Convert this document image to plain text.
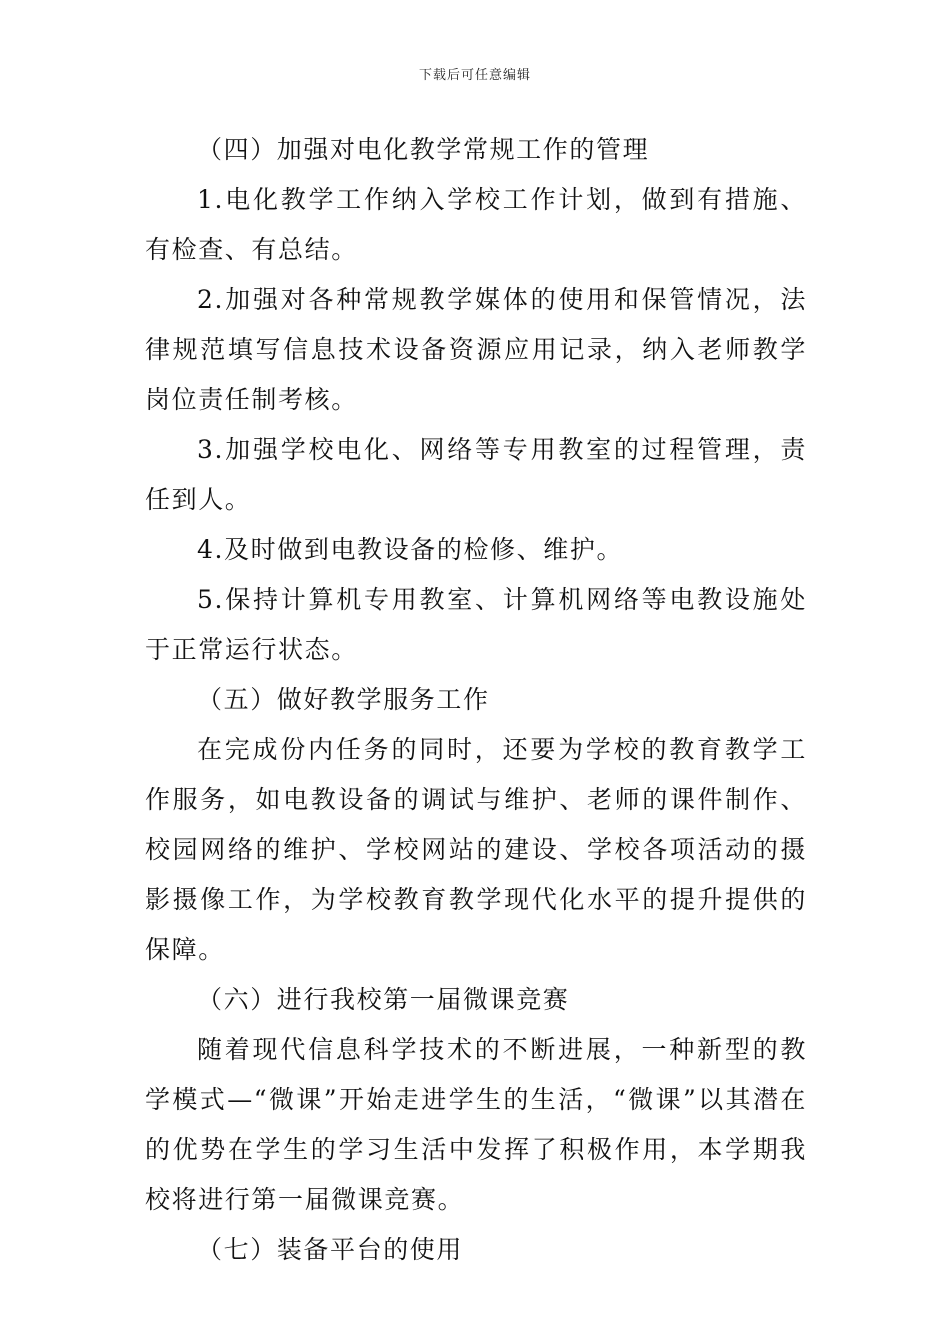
下载后可任意编辑

（四）加强对电化教学常规工作的管理

1.电化教学工作纳入学校工作计划，做到有措施、有检查、有总结。

2.加强对各种常规教学媒体的使用和保管情况，法律规范填写信息技术设备资源应用记录，纳入老师教学岗位责任制考核。

3.加强学校电化、网络等专用教室的过程管理，责任到人。

4.及时做到电教设备的检修、维护。

5.保持计算机专用教室、计算机网络等电教设施处于正常运行状态。

（五）做好教学服务工作

在完成份内任务的同时，还要为学校的教育教学工作服务，如电教设备的调试与维护、老师的课件制作、校园网络的维护、学校网站的建设、学校各项活动的摄影摄像工作，为学校教育教学现代化水平的提升提供的保障。

（六）进行我校第一届微课竞赛

随着现代信息科学技术的不断进展，一种新型的教学模式—“微课”开始走进学生的生活，“微课”以其潜在的优势在学生的学习生活中发挥了积极作用，本学期我校将进行第一届微课竞赛。

（七）装备平台的使用
